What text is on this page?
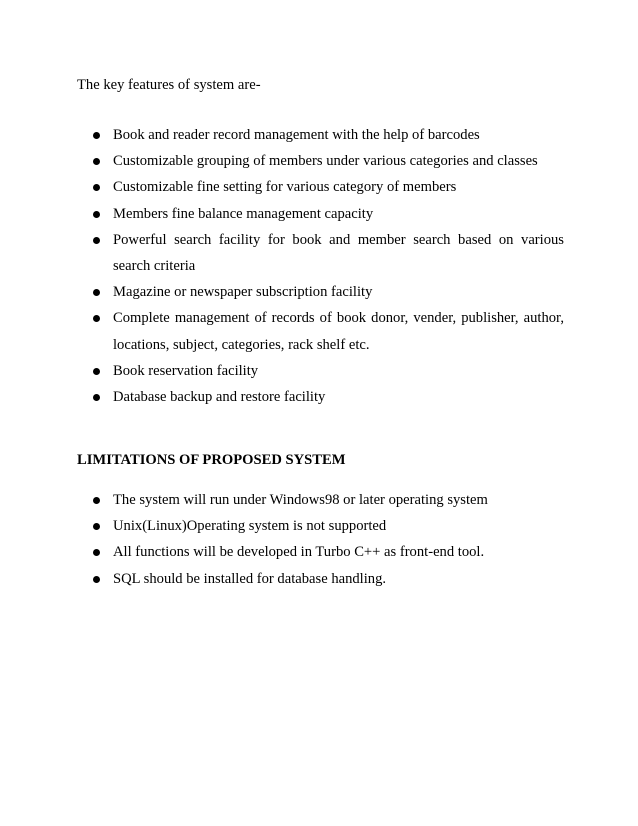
The key features of system are-

Book and reader record management with the help of barcodes
Customizable grouping of members under various categories and classes
Customizable fine setting for various category of members
Members fine balance management capacity
Powerful search facility for book and member search based on various search criteria
Magazine or newspaper subscription facility
Complete management of records of book donor, vender, publisher, author, locations, subject, categories, rack shelf etc.
Book reservation facility
Database backup and restore facility
LIMITATIONS OF PROPOSED SYSTEM
The system will run under Windows98 or later operating system
Unix(Linux)Operating system is not supported
All functions will be developed in Turbo C++ as front-end tool.
SQL should be installed for database handling.
